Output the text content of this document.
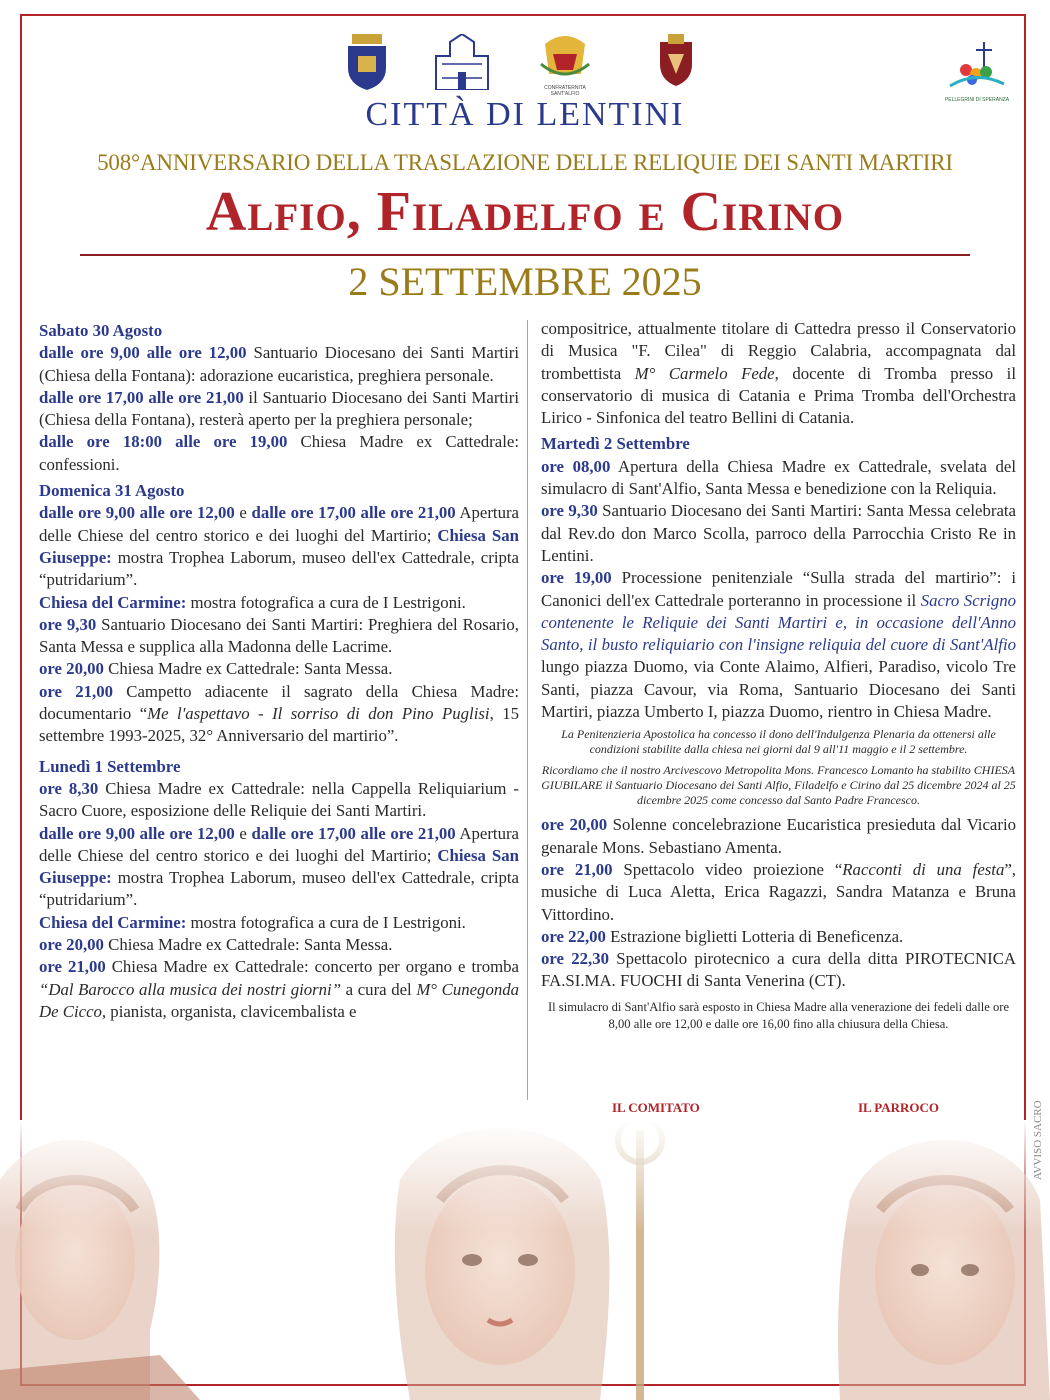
CONFRATERNITA SANT'ALFIO
PELLEGRINI DI SPERANZA
CITTÀ DI LENTINI
508°ANNIVERSARIO DELLA TRASLAZIONE DELLE RELIQUIE DEI SANTI MARTIRI
Alfio, Filadelfo e Cirino
2 SETTEMBRE 2025

Sabato 30 Agosto

dalle ore 9,00 alle ore 12,00 Santuario Diocesano dei Santi Martiri (Chiesa della Fontana): adorazione eucaristica, preghiera personale.

dalle ore 17,00 alle ore 21,00 il Santuario Diocesano dei Santi Martiri (Chiesa della Fontana), resterà aperto per la preghiera personale;

dalle ore 18:00 alle ore 19,00 Chiesa Madre ex Cattedrale: confessioni.

Domenica 31 Agosto

dalle ore 9,00 alle ore 12,00 e dalle ore 17,00 alle ore 21,00 Apertura delle Chiese del centro storico e dei luoghi del Martirio; Chiesa San Giuseppe: mostra Trophea Laborum, museo dell'ex Cattedrale, cripta “putridarium”.

Chiesa del Carmine: mostra fotografica a cura de I Lestrigoni.

ore 9,30 Santuario Diocesano dei Santi Martiri: Preghiera del Rosario, Santa Messa e supplica alla Madonna delle Lacrime.

ore 20,00 Chiesa Madre ex Cattedrale: Santa Messa.

ore 21,00 Campetto adiacente il sagrato della Chiesa Madre: documentario “Me l'aspettavo - Il sorriso di don Pino Puglisi, 15 settembre 1993-2025, 32° Anniversario del martirio”.

Lunedì 1 Settembre

ore 8,30 Chiesa Madre ex Cattedrale: nella Cappella Reliquiarium - Sacro Cuore, esposizione delle Reliquie dei Santi Martiri.

dalle ore 9,00 alle ore 12,00 e dalle ore 17,00 alle ore 21,00 Apertura delle Chiese del centro storico e dei luoghi del Martirio; Chiesa San Giuseppe: mostra Trophea Laborum, museo dell'ex Cattedrale, cripta “putridarium”.

Chiesa del Carmine: mostra fotografica a cura de I Lestrigoni.

ore 20,00 Chiesa Madre ex Cattedrale: Santa Messa.

ore 21,00 Chiesa Madre ex Cattedrale: concerto per organo e tromba “Dal Barocco alla musica dei nostri giorni” a cura del M° Cunegonda De Cicco, pianista, organista, clavicembalista e

compositrice, attualmente titolare di Cattedra presso il Conservatorio di Musica "F. Cilea" di Reggio Calabria, accompagnata dal trombettista M° Carmelo Fede, docente di Tromba presso il conservatorio di musica di Catania e Prima Tromba dell'Orchestra Lirico - Sinfonica del teatro Bellini di Catania.

Martedì 2 Settembre

ore 08,00 Apertura della Chiesa Madre ex Cattedrale, svelata del simulacro di Sant'Alfio, Santa Messa e benedizione con la Reliquia.

ore 9,30 Santuario Diocesano dei Santi Martiri: Santa Messa celebrata dal Rev.do don Marco Scolla, parroco della Parrocchia Cristo Re in Lentini.

ore 19,00 Processione penitenziale “Sulla strada del martirio”: i Canonici dell'ex Cattedrale porteranno in processione il Sacro Scrigno contenente le Reliquie dei Santi Martiri e, in occasione dell'Anno Santo, il busto reliquiario con l'insigne reliquia del cuore di Sant'Alfio lungo piazza Duomo, via Conte Alaimo, Alfieri, Paradiso, vicolo Tre Santi, piazza Cavour, via Roma, Santuario Diocesano dei Santi Martiri, piazza Umberto I, piazza Duomo, rientro in Chiesa Madre.

La Penitenzieria Apostolica ha concesso il dono dell'Indulgenza Plenaria da ottenersi alle condizioni stabilite dalla chiesa nei giorni dal 9 all'11 maggio e il 2 settembre.

Ricordiamo che il nostro Arcivescovo Metropolita Mons. Francesco Lomanto ha stabilito CHIESA GIUBILARE il Santuario Diocesano dei Santi Alfio, Filadelfo e Cirino dal 25 dicembre 2024 al 25 dicembre 2025 come concesso dal Santo Padre Francesco.

ore 20,00 Solenne concelebrazione Eucaristica presieduta dal Vicario genarale Mons. Sebastiano Amenta.

ore 21,00 Spettacolo video proiezione “Racconti di una festa”, musiche di Luca Aletta, Erica Ragazzi, Sandra Matanza e Bruna Vittordino.

ore 22,00 Estrazione biglietti Lotteria di Beneficenza.

ore 22,30 Spettacolo pirotecnico a cura della ditta PIROTECNICA FA.SI.MA. FUOCHI di Santa Venerina (CT).

Il simulacro di Sant'Alfio sarà esposto in Chiesa Madre alla venerazione dei fedeli dalle ore 8,00 alle ore 12,00 e dalle ore 16,00 fino alla chiusura della Chiesa.

IL COMITATO	IL PARROCO	AVVISO SACRO
